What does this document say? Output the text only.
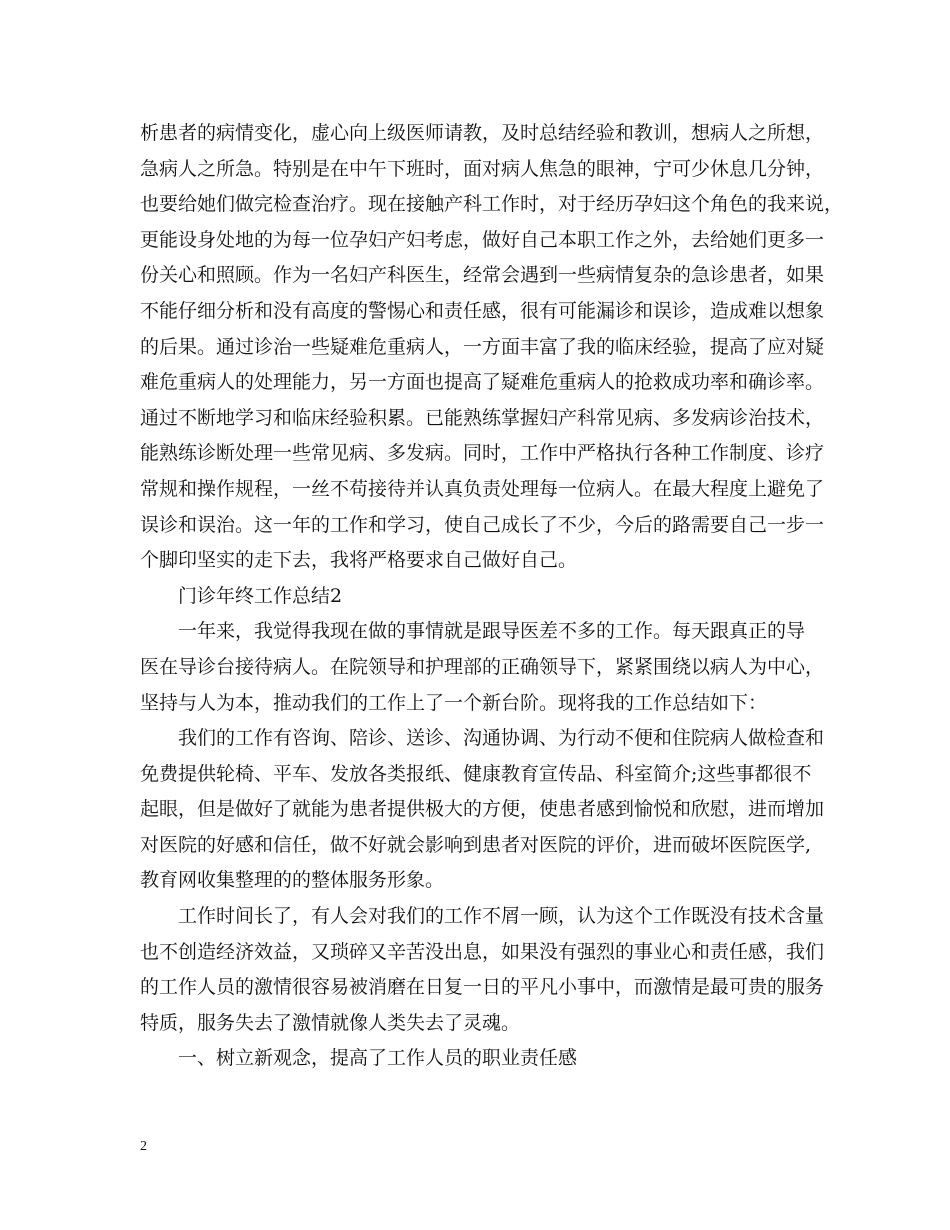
析患者的病情变化，虚心向上级医师请教，及时总结经验和教训，想病人之所想，
急病人之所急。特别是在中午下班时，面对病人焦急的眼神，宁可少休息几分钟，
也要给她们做完检查治疗。现在接触产科工作时，对于经历孕妇这个角色的我来说，
更能设身处地的为每一位孕妇产妇考虑，做好自己本职工作之外，去给她们更多一
份关心和照顾。作为一名妇产科医生，经常会遇到一些病情复杂的急诊患者，如果
不能仔细分析和没有高度的警惕心和责任感，很有可能漏诊和误诊，造成难以想象
的后果。通过诊治一些疑难危重病人，一方面丰富了我的临床经验，提高了应对疑
难危重病人的处理能力，另一方面也提高了疑难危重病人的抢救成功率和确诊率。
通过不断地学习和临床经验积累。已能熟练掌握妇产科常见病、多发病诊治技术，
能熟练诊断处理一些常见病、多发病。同时，工作中严格执行各种工作制度、诊疗
常规和操作规程，一丝不苟接待并认真负责处理每一位病人。在最大程度上避免了
误诊和误治。这一年的工作和学习，使自己成长了不少，今后的路需要自己一步一
个脚印坚实的走下去，我将严格要求自己做好自己。
门诊年终工作总结2
一年来，我觉得我现在做的事情就是跟导医差不多的工作。每天跟真正的导
医在导诊台接待病人。在院领导和护理部的正确领导下，紧紧围绕以病人为中心，
坚持与人为本，推动我们的工作上了一个新台阶。现将我的工作总结如下：
我们的工作有咨询、陪诊、送诊、沟通协调、为行动不便和住院病人做检查和
免费提供轮椅、平车、发放各类报纸、健康教育宣传品、科室简介;这些事都很不
起眼，但是做好了就能为患者提供极大的方便，使患者感到愉悦和欣慰，进而增加
对医院的好感和信任，做不好就会影响到患者对医院的评价，进而破坏医院医学,
教育网收集整理的的整体服务形象。
工作时间长了，有人会对我们的工作不屑一顾，认为这个工作既没有技术含量
也不创造经济效益，又琐碎又辛苦没出息，如果没有强烈的事业心和责任感，我们
的工作人员的激情很容易被消磨在日复一日的平凡小事中，而激情是最可贵的服务
特质，服务失去了激情就像人类失去了灵魂。
一、树立新观念，提高了工作人员的职业责任感
2
